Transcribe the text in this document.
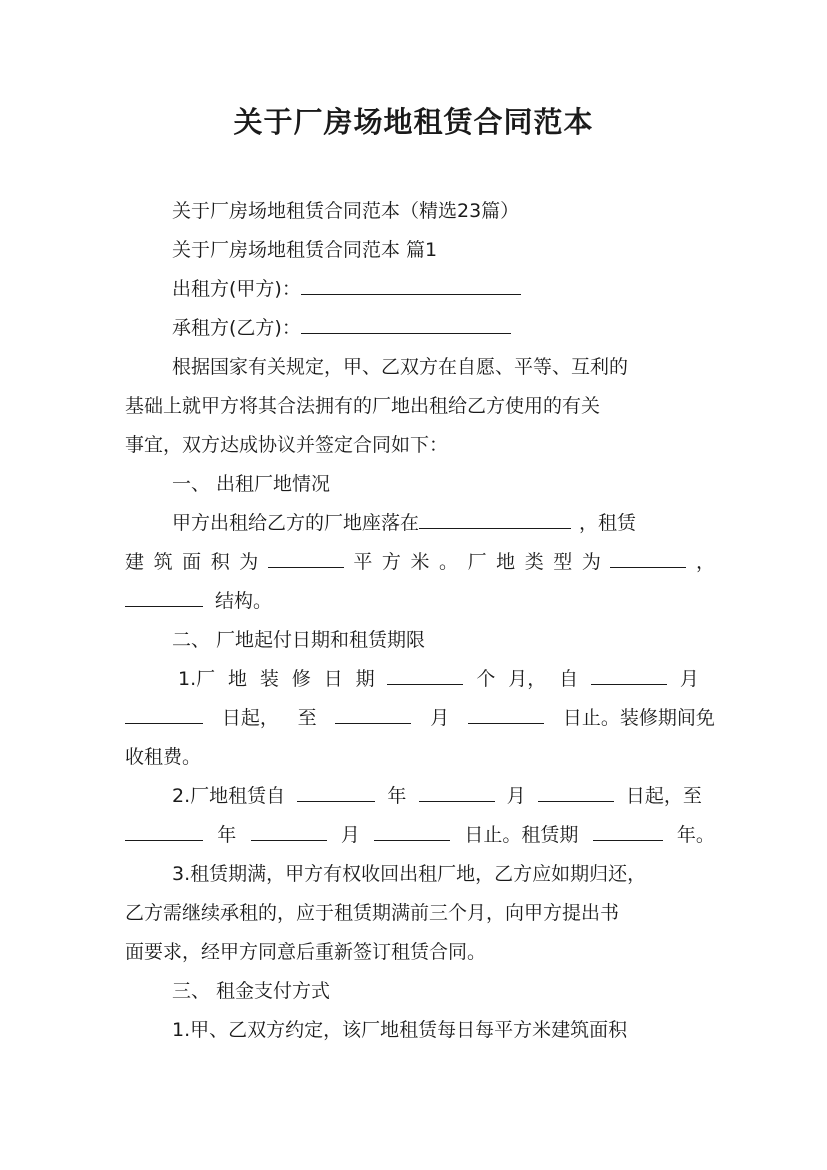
关于厂房场地租赁合同范本
关于厂房场地租赁合同范本（精选23篇）
关于厂房场地租赁合同范本 篇1
出租方(甲方)：
承租方(乙方)：
根据国家有关规定，甲、乙双方在自愿、平等、互利的
基础上就甲方将其合法拥有的厂地出租给乙方使用的有关
事宜，双方达成协议并签定合同如下：
一、 出租厂地情况
甲方出租给乙方的厂地座落在	，租赁
建 筑 面 积 为	平 方 米 。 厂 地 类 型 为	，
结构。
二、 厂地起付日期和租赁期限
1.厂 地 装 修 日 期	个 月， 自	月
日起， 至	月	日止。装修期间免
收租费。
2.厂地租赁自	年	月	日起，至
年	月	日止。租赁期	年。
3.租赁期满，甲方有权收回出租厂地，乙方应如期归还，
乙方需继续承租的，应于租赁期满前三个月，向甲方提出书
面要求，经甲方同意后重新签订租赁合同。
三、 租金支付方式
1.甲、乙双方约定，该厂地租赁每日每平方米建筑面积
